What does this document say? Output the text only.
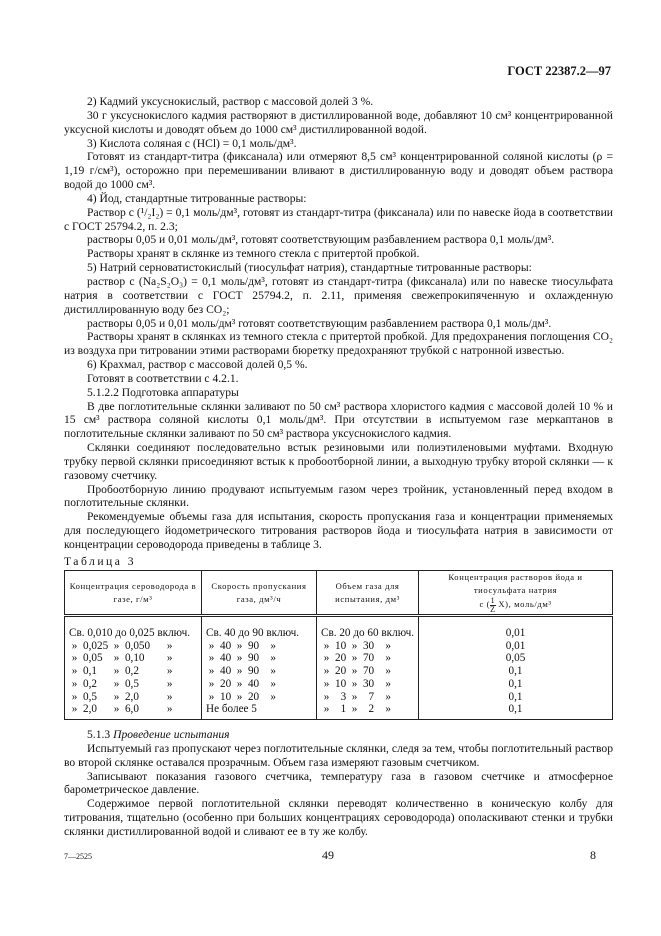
ГОСТ 22387.2—97

2) Кадмий уксуснокислый, раствор с массовой долей 3 %.

30 г уксуснокислого кадмия растворяют в дистиллированной воде, добавляют 10 см³ концентрированной уксусной кислоты и доводят объем до 1000 см³ дистиллированной водой.

3) Кислота соляная c (HCl) = 0,1 моль/дм³.

Готовят из стандарт-титра (фиксанала) или отмеряют 8,5 см³ концентрированной соляной кислоты (ρ = 1,19 г/см³), осторожно при перемешивании вливают в дистиллированную воду и доводят объем раствора водой до 1000 см³.

4) Йод, стандартные титрованные растворы:

Раствор c (¹/₂I₂) = 0,1 моль/дм³, готовят из стандарт-титра (фиксанала) или по навеске йода в соответствии с ГОСТ 25794.2, п. 2.3;

растворы 0,05 и 0,01 моль/дм³, готовят соответствующим разбавлением раствора 0,1 моль/дм³.

Растворы хранят в склянке из темного стекла с притертой пробкой.

5) Натрий серноватистокислый (тиосульфат натрия), стандартные титрованные растворы:

раствор c (Na₂S₂O₃) = 0,1 моль/дм³, готовят из стандарт-титра (фиксанала) или по навеске тиосульфата натрия в соответствии с ГОСТ 25794.2, п. 2.11, применяя свежепрокипяченную и охлажденную дистиллированную воду без CO₂;

растворы 0,05 и 0,01 моль/дм³ готовят соответствующим разбавлением раствора 0,1 моль/дм³.

Растворы хранят в склянках из темного стекла с притертой пробкой. Для предохранения поглощения CO₂ из воздуха при титровании этими растворами бюретку предохраняют трубкой с натронной известью.

6) Крахмал, раствор с массовой долей 0,5 %.

Готовят в соответствии с 4.2.1.

5.1.2.2 Подготовка аппаратуры

В две поглотительные склянки заливают по 50 см³ раствора хлористого кадмия с массовой долей 10 % и 15 см³ раствора соляной кислоты 0,1 моль/дм³. При отсутствии в испытуемом газе меркаптанов в поглотительные склянки заливают по 50 см³ раствора уксуснокислого кадмия.

Склянки соединяют последовательно встык резиновыми или полиэтиленовыми муфтами. Входную трубку первой склянки присоединяют встык к пробоотборной линии, а выходную трубку второй склянки — к газовому счетчику.

Пробоотборную линию продувают испытуемым газом через тройник, установленный перед входом в поглотительные склянки.

Рекомендуемые объемы газа для испытания, скорость пропускания газа и концентрации применяемых для последующего йодометрического титрования растворов йода и тиосульфата натрия в зависимости от концентрации сероводорода приведены в таблице 3.

Таблица 3

Концентрация сероводорода в газе, г/м³	Скорость пропускания газа, дм³/ч	Объем газа для испытания, дм³	Концентрация растворов йода и тиосульфата натрия
c ( $\frac{1}{Z} X$), моль/дм³
Св. 0,010 до 0,025 включ.	Св. 40 до 90 включ.	Св. 20 до 60 включ.	0,01
»  0,025  »  0,050      »	»  40  »  90    »	»  10  »  30    »	0,01
»  0,05    »  0,10        »	»  40  »  90    »	»  20  »  70    »	0,05
»  0,1      »  0,2          »	»  40  »  90    »	»  20  »  70    »	0,1
»  0,2      »  0,5          »	»  20  »  40    »	»  10  »  30    »	0,1
»  0,5      »  2,0          »	»  10  »  20    »	»    3  »    7    »	0,1
»  2,0      »  6,0          »	Не более 5	»    1  »    2    »	0,1

5.1.3 Проведение испытания

Испытуемый газ пропускают через поглотительные склянки, следя за тем, чтобы поглотительный раствор во второй склянке оставался прозрачным. Объем газа измеряют газовым счетчиком.

Записывают показания газового счетчика, температуру газа в газовом счетчике и атмосферное барометрическое давление.

Содержимое первой поглотительной склянки переводят количественно в коническую колбу для титрования, тщательно (особенно при больших концентрациях сероводорода) ополаскивают стенки и трубки склянки дистиллированной водой и сливают ее в ту же колбу.

7—2525	49	8
